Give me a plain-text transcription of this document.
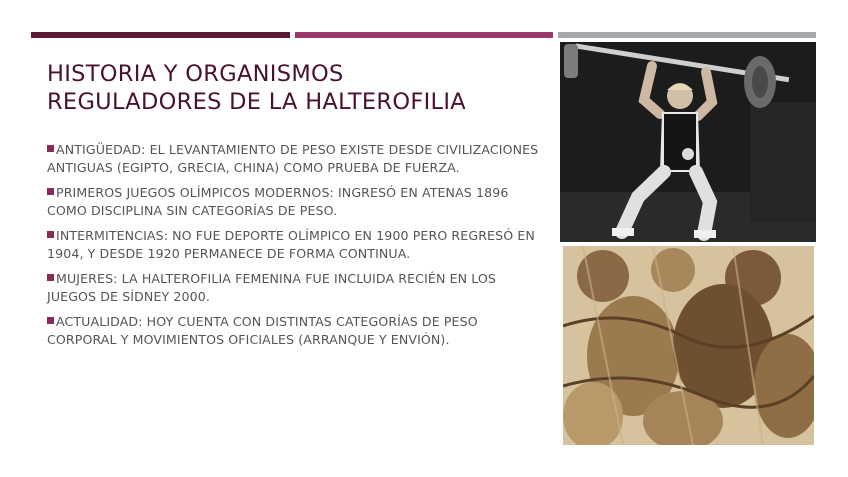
HISTORIA Y ORGANISMOS
REGULADORES DE LA HALTEROFILIA
ANTIGÜEDAD: EL LEVANTAMIENTO DE PESO EXISTE DESDE CIVILIZACIONES ANTIGUAS (EGIPTO, GRECIA, CHINA) COMO PRUEBA DE FUERZA.
PRIMEROS JUEGOS OLÍMPICOS MODERNOS: INGRESÓ EN ATENAS 1896 COMO DISCIPLINA SIN CATEGORÍAS DE PESO.
INTERMITENCIAS: NO FUE DEPORTE OLÍMPICO EN 1900 PERO REGRESÓ EN 1904, Y DESDE 1920 PERMANECE DE FORMA CONTINUA.
MUJERES: LA HALTEROFILIA FEMENINA FUE INCLUIDA RECIÉN EN LOS JUEGOS DE SÍDNEY 2000.
ACTUALIDAD: HOY CUENTA CON DISTINTAS CATEGORÍAS DE PESO CORPORAL Y MOVIMIENTOS OFICIALES (ARRANQUE Y ENVIÓN).
